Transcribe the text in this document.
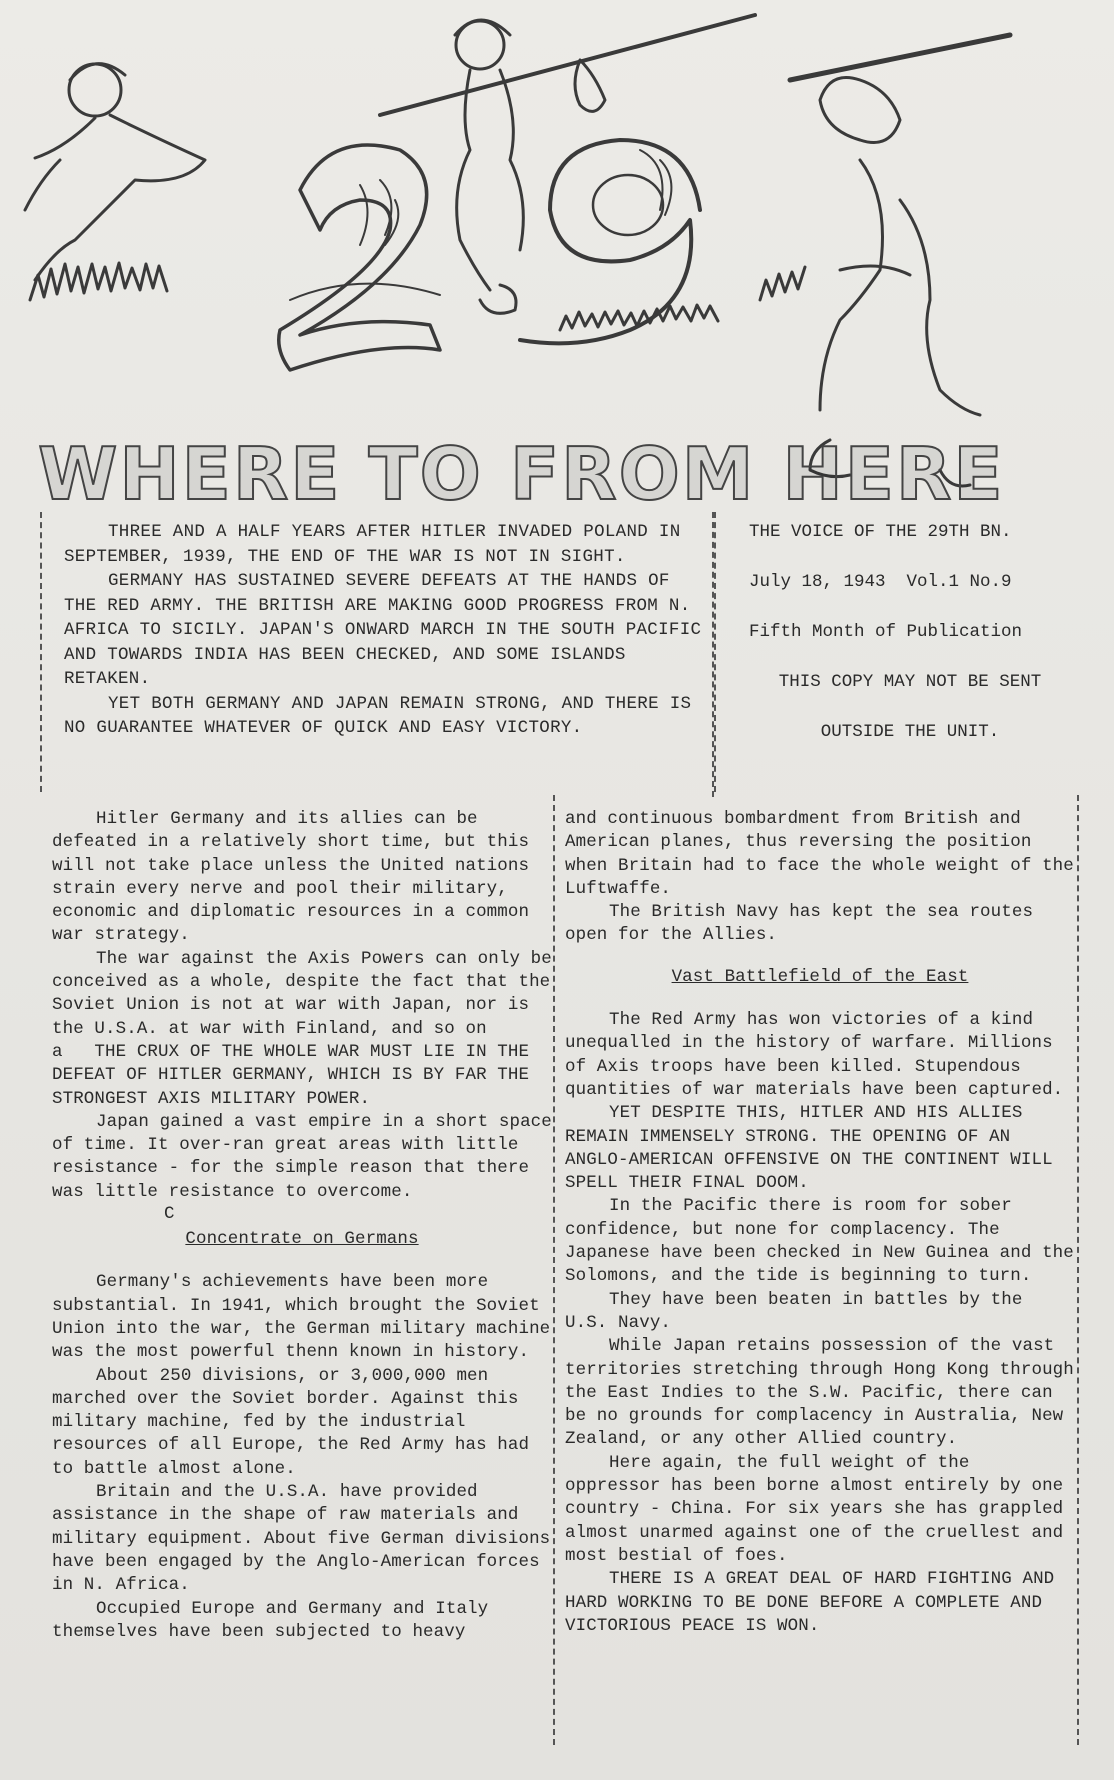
WHERE TO FROM HERE

THREE AND A HALF YEARS AFTER HITLER INVADED POLAND IN SEPTEMBER, 1939, THE END OF THE WAR IS NOT IN SIGHT.

GERMANY HAS SUSTAINED SEVERE DEFEATS AT THE HANDS OF THE RED ARMY. THE BRITISH ARE MAKING GOOD PROGRESS FROM N. AFRICA TO SICILY. JAPAN'S ONWARD MARCH IN THE SOUTH PACIFIC AND TOWARDS INDIA HAS BEEN CHECKED, AND SOME ISLANDS RETAKEN.

YET BOTH GERMANY AND JAPAN REMAIN STRONG, AND THERE IS NO GUARANTEE WHATEVER OF QUICK AND EASY VICTORY.

THE VOICE OF THE 29TH BN.
July 18, 1943  Vol.1 No.9
Fifth Month of Publication
THIS COPY MAY NOT BE SENT
OUTSIDE THE UNIT.

Hitler Germany and its allies can be defeated in a relatively short time, but this will not take place unless the United nations strain every nerve and pool their military, economic and diplomatic resources in a common war strategy.

The war against the Axis Powers can only be conceived as a whole, despite the fact that the Soviet Union is not at war with Japan, nor is the U.S.A. at war with Finland, and so on

a   THE CRUX OF THE WHOLE WAR MUST LIE IN THE DEFEAT OF HITLER GERMANY, WHICH IS BY FAR THE STRONGEST AXIS MILITARY POWER.

Japan gained a vast empire in a short space of time. It over-ran great areas with little resistance - for the simple reason that there was little resistance to overcome.

C

Concentrate on Germans

Germany's achievements have been more substantial. In 1941, which brought the Soviet Union into the war, the German military machine was the most powerful thenn known in history.

About 250 divisions, or 3,000,000 men marched over the Soviet border. Against this military machine, fed by the industrial resources of all Europe, the Red Army has had to battle almost alone.

Britain and the U.S.A. have provided assistance in the shape of raw materials and military equipment. About five German divisions have been engaged by the Anglo-American forces in N. Africa.

Occupied Europe and Germany and Italy themselves have been subjected to heavy

and continuous bombardment from British and American planes, thus reversing the position when Britain had to face the whole weight of the Luftwaffe.

The British Navy has kept the sea routes open for the Allies.

Vast Battlefield of the East

The Red Army has won victories of a kind unequalled in the history of warfare. Millions of Axis troops have been killed. Stupendous quantities of war materials have been captured.

YET DESPITE THIS, HITLER AND HIS ALLIES REMAIN IMMENSELY STRONG. THE OPENING OF AN ANGLO-AMERICAN OFFENSIVE ON THE CONTINENT WILL SPELL THEIR FINAL DOOM.

In the Pacific there is room for sober confidence, but none for complacency. The Japanese have been checked in New Guinea and the Solomons, and the tide is beginning to turn.

They have been beaten in battles by the U.S. Navy.

While Japan retains possession of the vast territories stretching through Hong Kong through the East Indies to the S.W. Pacific, there can be no grounds for complacency in Australia, New Zealand, or any other Allied country.

Here again, the full weight of the oppressor has been borne almost entirely by one country - China. For six years she has grappled almost unarmed against one of the cruellest and most bestial of foes.

THERE IS A GREAT DEAL OF HARD FIGHTING AND HARD WORKING TO BE DONE BEFORE A COMPLETE AND VICTORIOUS PEACE IS WON.
